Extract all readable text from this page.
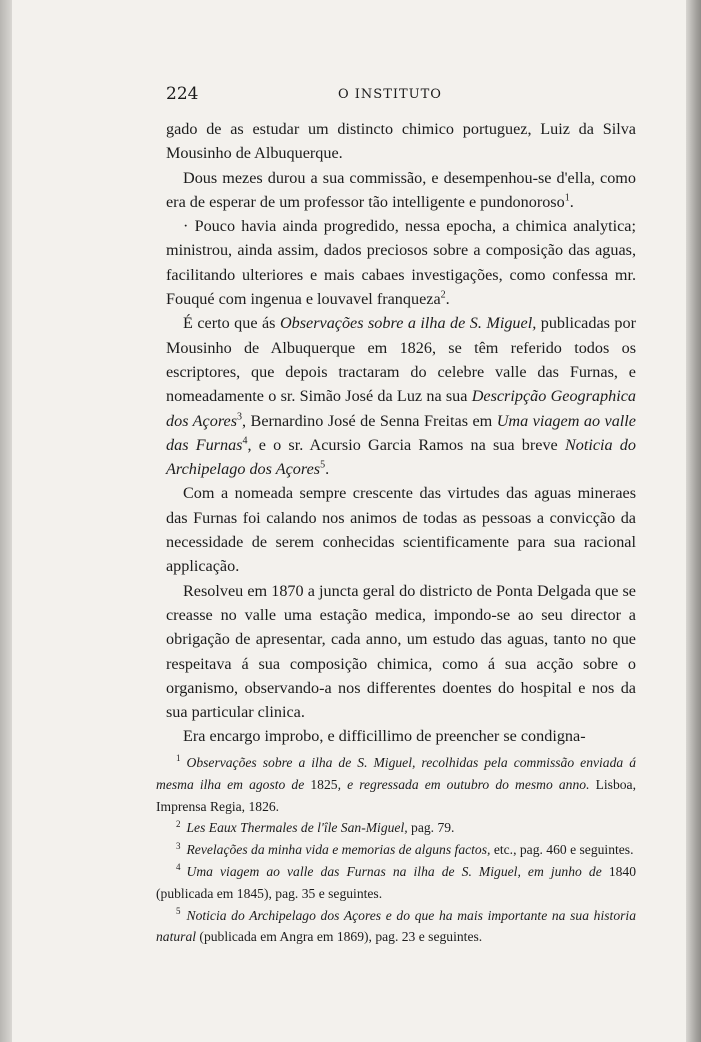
224	O INSTITUTO

gado de as estudar um distincto chimico portuguez, Luiz da Silva Mousinho de Albuquerque.

Dous mezes durou a sua commissão, e desempenhou-se d'ella, como era de esperar de um professor tão intelligente e pundonoroso$^1$.

· Pouco havia ainda progredido, nessa epocha, a chimica analytica; ministrou, ainda assim, dados preciosos sobre a composição das aguas, facilitando ulteriores e mais cabaes investigações, como confessa mr. Fouqué com ingenua e louvavel franqueza$^2$.

É certo que ás Observações sobre a ilha de S. Miguel, publicadas por Mousinho de Albuquerque em 1826, se têm referido todos os escriptores, que depois tractaram do celebre valle das Furnas, e nomeadamente o sr. Simão José da Luz na sua Descripção Geographica dos Açores$^3$, Bernardino José de Senna Freitas em Uma viagem ao valle das Furnas$^4$, e o sr. Acursio Garcia Ramos na sua breve Noticia do Archipelago dos Açores$^5$.

Com a nomeada sempre crescente das virtudes das aguas mineraes das Furnas foi calando nos animos de todas as pessoas a convicção da necessidade de serem conhecidas scientificamente para sua racional applicação.

Resolveu em 1870 a juncta geral do districto de Ponta Delgada que se creasse no valle uma estação medica, impondo-se ao seu director a obrigação de apresentar, cada anno, um estudo das aguas, tanto no que respeitava á sua composição chimica, como á sua acção sobre o organismo, observando-a nos differentes doentes do hospital e nos da sua particular clinica.

Era encargo improbo, e difficillimo de preencher se condigna-

$^1$ Observações sobre a ilha de S. Miguel, recolhidas pela commissão enviada á mesma ilha em agosto de 1825, e regressada em outubro do mesmo anno. Lisboa, Imprensa Regia, 1826.

$^2$ Les Eaux Thermales de l'île San-Miguel, pag. 79.

$^3$ Revelações da minha vida e memorias de alguns factos, etc., pag. 460 e seguintes.

$^4$ Uma viagem ao valle das Furnas na ilha de S. Miguel, em junho de 1840 (publicada em 1845), pag. 35 e seguintes.

$^5$ Noticia do Archipelago dos Açores e do que ha mais importante na sua historia natural (publicada em Angra em 1869), pag. 23 e seguintes.
